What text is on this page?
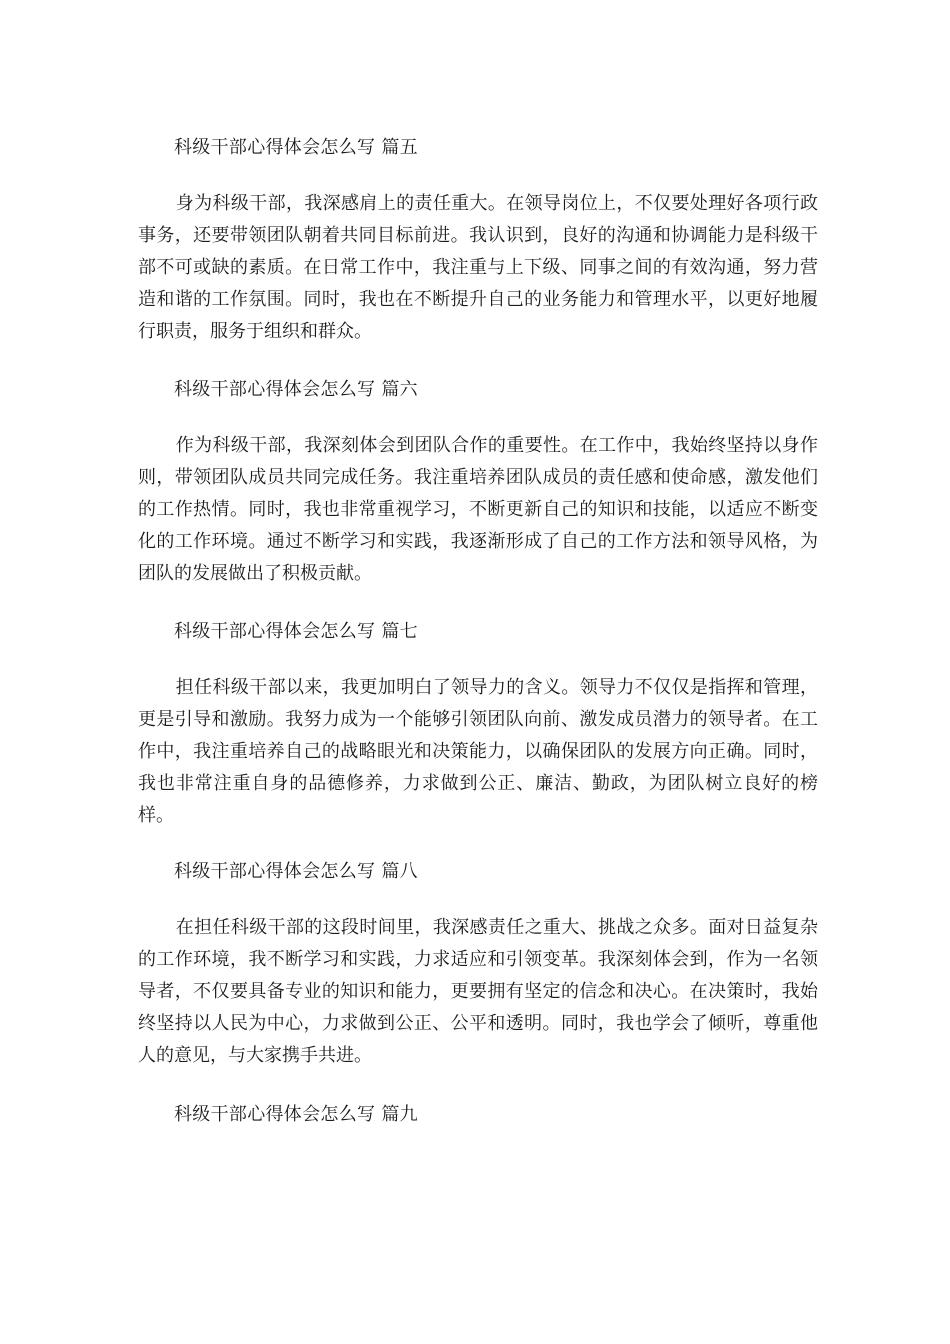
科级干部心得体会怎么写 篇五

身为科级干部，我深感肩上的责任重大。在领导岗位上，不仅要处理好各项行政事务，还要带领团队朝着共同目标前进。我认识到，良好的沟通和协调能力是科级干部不可或缺的素质。在日常工作中，我注重与上下级、同事之间的有效沟通，努力营造和谐的工作氛围。同时，我也在不断提升自己的业务能力和管理水平，以更好地履行职责，服务于组织和群众。

科级干部心得体会怎么写 篇六

作为科级干部，我深刻体会到团队合作的重要性。在工作中，我始终坚持以身作则，带领团队成员共同完成任务。我注重培养团队成员的责任感和使命感，激发他们的工作热情。同时，我也非常重视学习，不断更新自己的知识和技能，以适应不断变化的工作环境。通过不断学习和实践，我逐渐形成了自己的工作方法和领导风格，为团队的发展做出了积极贡献。

科级干部心得体会怎么写 篇七

担任科级干部以来，我更加明白了领导力的含义。领导力不仅仅是指挥和管理，更是引导和激励。我努力成为一个能够引领团队向前、激发成员潜力的领导者。在工作中，我注重培养自己的战略眼光和决策能力，以确保团队的发展方向正确。同时，我也非常注重自身的品德修养，力求做到公正、廉洁、勤政，为团队树立良好的榜样。

科级干部心得体会怎么写 篇八

在担任科级干部的这段时间里，我深感责任之重大、挑战之众多。面对日益复杂的工作环境，我不断学习和实践，力求适应和引领变革。我深刻体会到，作为一名领导者，不仅要具备专业的知识和能力，更要拥有坚定的信念和决心。在决策时，我始终坚持以人民为中心，力求做到公正、公平和透明。同时，我也学会了倾听，尊重他人的意见，与大家携手共进。

科级干部心得体会怎么写 篇九
